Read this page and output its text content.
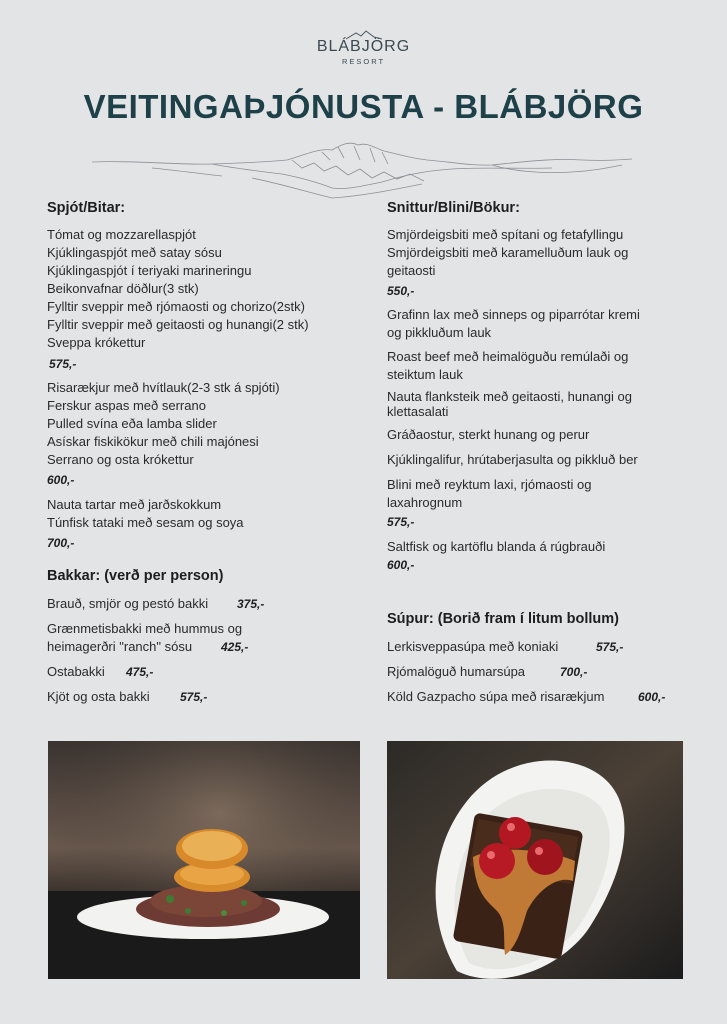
BLÁBJÖRG
RESORT
VEITINGAÞJÓNUSTA - BLÁBJÖRG
Spjót/Bitar:
Tómat og mozzarellaspjót
Kjúklingaspjót með satay sósu
Kjúklingaspjót í teriyaki marineringu
Beikonvafnar döðlur(3 stk)
Fylltir sveppir með rjómaosti og chorizo(2stk)
Fylltir sveppir með geitaosti og hunangi(2 stk)
Sveppa krókettur
575,-
Risarækjur með hvítlauk(2-3 stk á spjóti)
Ferskur aspas með serrano
Pulled svína eða lamba slider
Asískar fiskikökur með chili majónesi
Serrano og osta krókettur
600,-
Nauta tartar með jarðskokkum
Túnfisk tataki með sesam og soya
700,-
Bakkar: (verð per person)
Brauð, smjör og pestó bakki 375,-
Grænmetisbakki með hummus og
heimagerðri "ranch" sósu 425,-
Ostabakki 475,-
Kjöt og osta bakki	575,-
Snittur/Blini/Bökur:
Smjördeigsbiti með spítani og fetafyllingu
Smjördeigsbiti með karamelluðum lauk og
geitaosti
550,-
Grafinn lax með sinneps og piparrótar kremi
og pikkluðum lauk
Roast beef með heimalöguðu remúlaði og
steiktum lauk
Nauta flanksteik með geitaosti, hunangi og
klettasalati
Gráðaostur, sterkt hunang og perur
Kjúklingalifur, hrútaberjasulta og pikkluð ber
Blini með reyktum laxi, rjómaosti og
laxahrognum
575,-
Saltfisk og kartöflu blanda á rúgbrauði
600,-
Súpur: (Borið fram í litum bollum)
Lerkisveppasúpa með koniaki	575,-
Rjómalöguð humarsúpa	700,-
Köld Gazpacho súpa með risarækjum	600,-
